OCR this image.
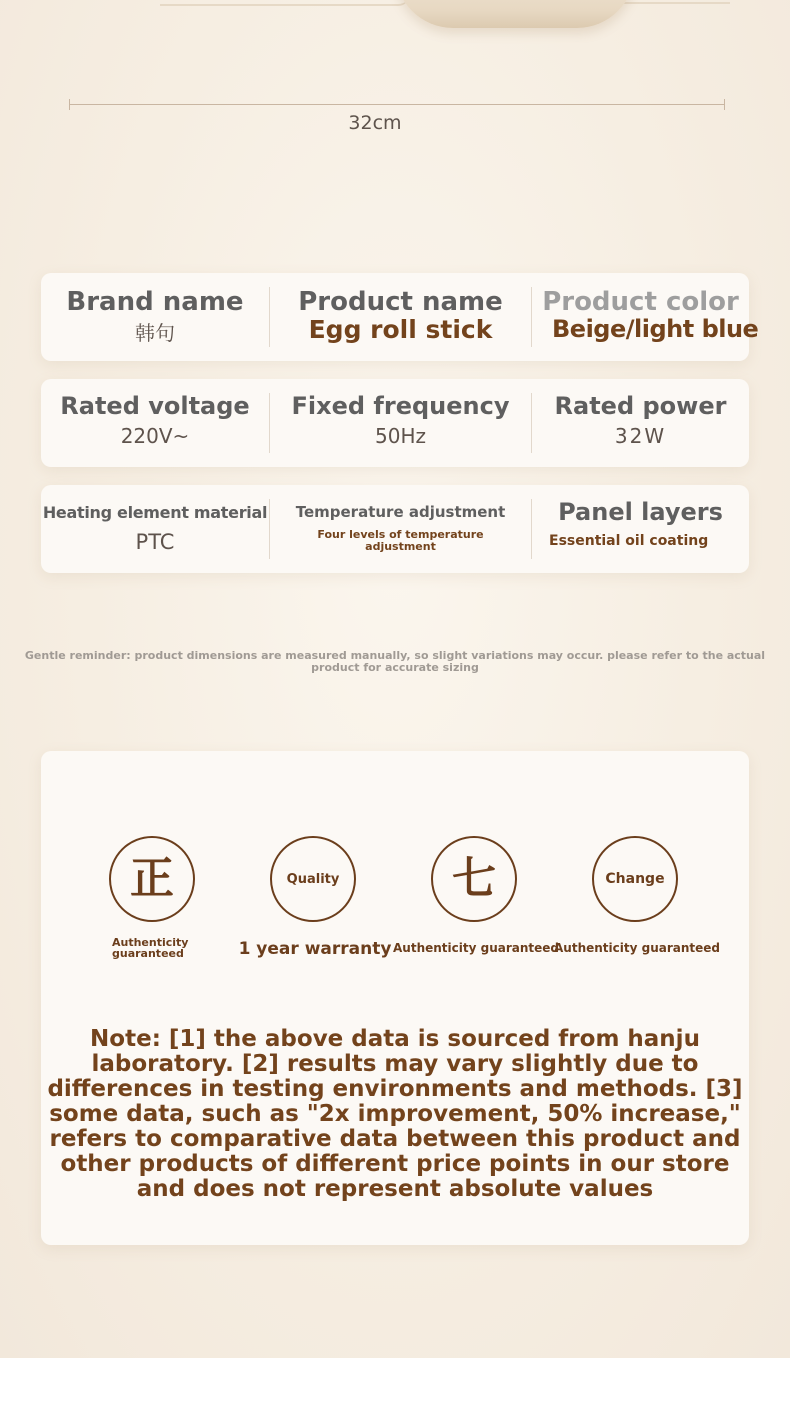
32cm
Brand name
韩句
Product name
Egg roll stick
Product color
Beige/light blue
Rated voltage
220V~
Fixed frequency
50Hz
Rated power
32W
Heating element material
PTC
Temperature adjustment
Four levels of temperature adjustment
Panel layers
Essential oil coating
Gentle reminder: product dimensions are measured manually, so slight variations may occur. please refer to the actual product for accurate sizing
正
Authenticity guaranteed
Quality
1 year warranty
七
Authenticity guaranteed
Change
Authenticity guaranteed
Note: [1] the above data is sourced from hanju laboratory. [2] results may vary slightly due to differences in testing environments and methods. [3] some data, such as "2x improvement, 50% increase," refers to comparative data between this product and other products of different price points in our store and does not represent absolute values
